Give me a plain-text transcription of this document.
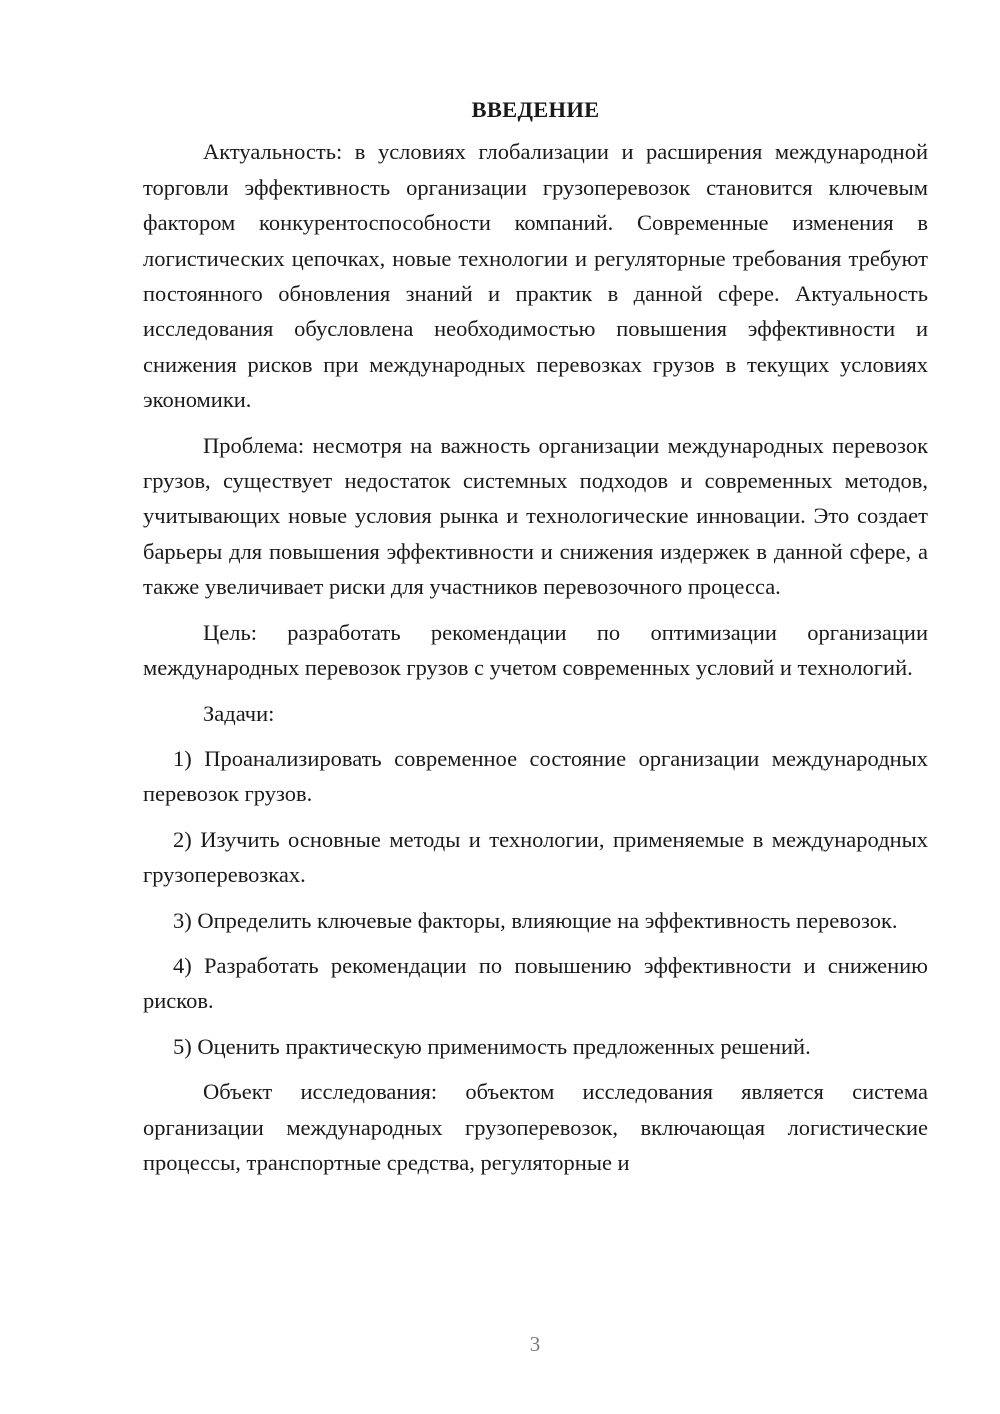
ВВЕДЕНИЕ

Актуальность: в условиях глобализации и расширения международной торговли эффективность организации грузоперевозок становится ключевым фактором конкурентоспособности компаний. Современные изменения в логистических цепочках, новые технологии и регуляторные требования требуют постоянного обновления знаний и практик в данной сфере. Актуальность исследования обусловлена необходимостью повышения эффективности и снижения рисков при международных перевозках грузов в текущих условиях экономики.

Проблема: несмотря на важность организации международных перевозок грузов, существует недостаток системных подходов и современных методов, учитывающих новые условия рынка и технологические инновации. Это создает барьеры для повышения эффективности и снижения издержек в данной сфере, а также увеличивает риски для участников перевозочного процесса.

Цель: разработать рекомендации по оптимизации организации международных перевозок грузов с учетом современных условий и технологий.

Задачи:

1) Проанализировать современное состояние организации международных перевозок грузов.

2) Изучить основные методы и технологии, применяемые в международных грузоперевозках.

3) Определить ключевые факторы, влияющие на эффективность перевозок.

4) Разработать рекомендации по повышению эффективности и снижению рисков.

5) Оценить практическую применимость предложенных решений.

Объект исследования: объектом исследования является система организации международных грузоперевозок, включающая логистические процессы, транспортные средства, регуляторные и

3
